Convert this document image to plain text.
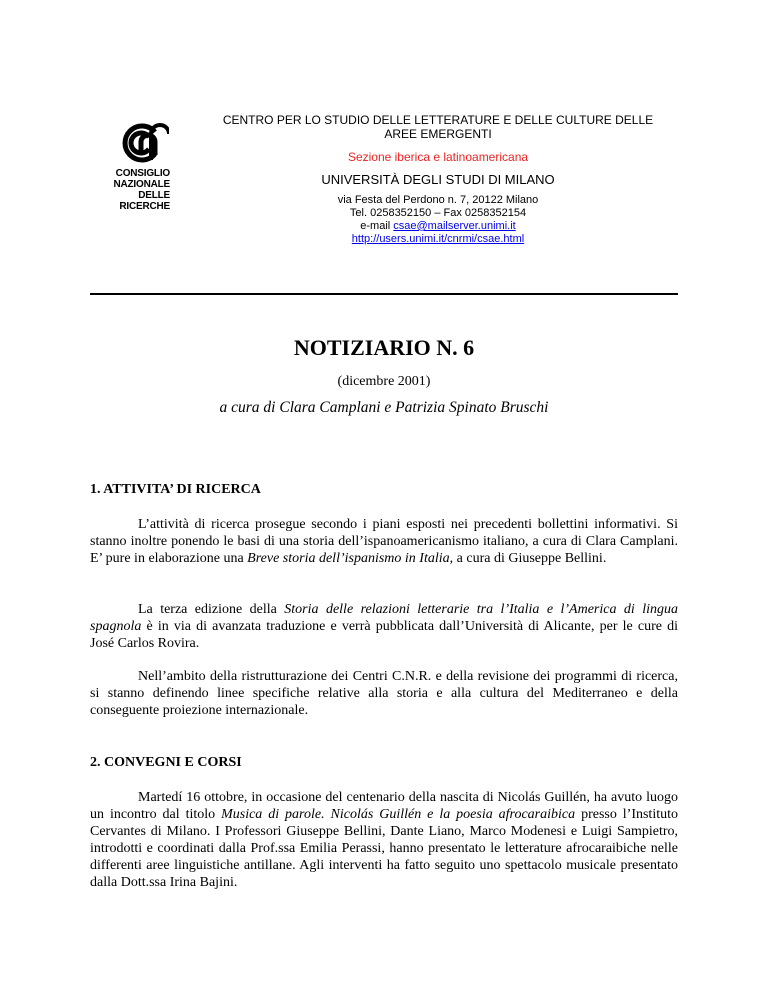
CONSIGLIO
NAZIONALE
DELLE
RICERCHE
CENTRO PER LO STUDIO DELLE LETTERATURE E DELLE CULTURE DELLE
AREE EMERGENTI
Sezione iberica e latinoamericana
UNIVERSITÀ DEGLI STUDI DI MILANO
via Festa del Perdono n. 7, 20122 Milano
Tel. 0258352150 – Fax 0258352154
e-mail csae@mailserver.unimi.it
http://users.unimi.it/cnrmi/csae.html
NOTIZIARIO N. 6
(dicembre 2001)
a cura di Clara Camplani e Patrizia Spinato Bruschi
1. ATTIVITA’ DI RICERCA
L’attività di ricerca prosegue secondo i piani esposti nei precedenti bollettini informativi. Si stanno inoltre ponendo le basi di una storia dell’ispanoamericanismo italiano, a cura di Clara Camplani. E’ pure in elaborazione una Breve storia dell’ispanismo in Italia, a cura di Giuseppe Bellini.
La terza edizione della Storia delle relazioni letterarie tra l’Italia e l’America di lingua spagnola è in via di avanzata traduzione e verrà pubblicata dall’Università di Alicante, per le cure di José Carlos Rovira.
Nell’ambito della ristrutturazione dei Centri C.N.R. e della revisione dei programmi di ricerca, si stanno definendo linee specifiche relative alla storia e alla cultura del Mediterraneo e della conseguente proiezione internazionale.
2. CONVEGNI E CORSI
Martedí 16 ottobre, in occasione del centenario della nascita di Nicolás Guillén, ha avuto luogo un incontro dal titolo Musica di parole. Nicolás Guillén e la poesia afrocaraibica presso l’Instituto Cervantes di Milano. I Professori Giuseppe Bellini, Dante Liano, Marco Modenesi e Luigi Sampietro, introdotti e coordinati dalla Prof.ssa Emilia Perassi, hanno presentato le letterature afrocaraibiche nelle differenti aree linguistiche antillane. Agli interventi ha fatto seguito uno spettacolo musicale presentato dalla Dott.ssa Irina Bajini.
